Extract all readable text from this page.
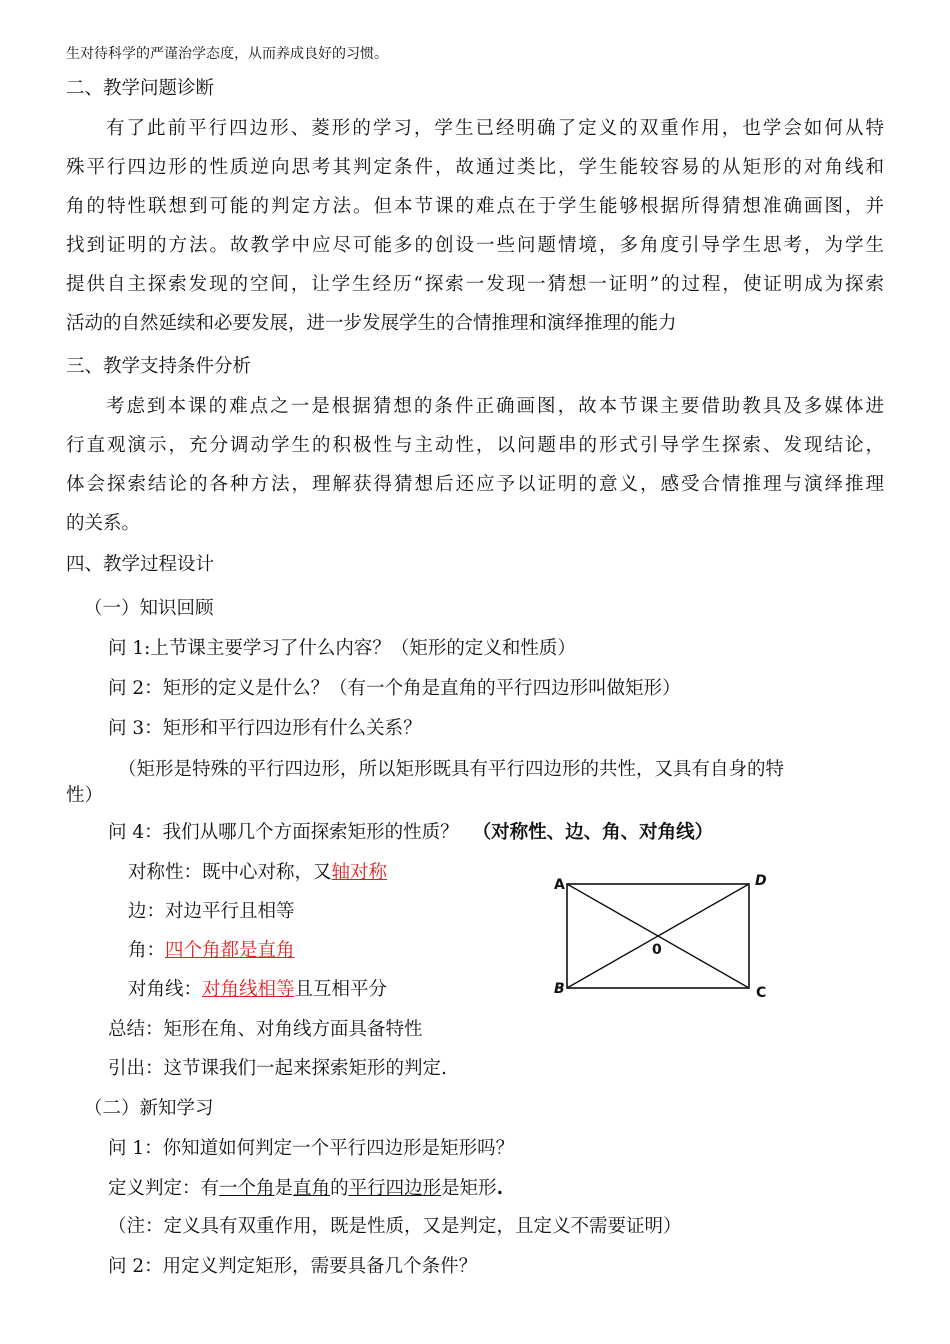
生对待科学的严谨治学态度，从而养成良好的习惯。
二、教学问题诊断
有了此前平行四边形、菱形的学习，学生已经明确了定义的双重作用，也学会如何从特
殊平行四边形的性质逆向思考其判定条件，故通过类比，学生能较容易的从矩形的对角线和
角的特性联想到可能的判定方法。但本节课的难点在于学生能够根据所得猜想准确画图，并
找到证明的方法。故教学中应尽可能多的创设一些问题情境，多角度引导学生思考，为学生
提供自主探索发现的空间，让学生经历“探索一发现一猜想一证明”的过程，使证明成为探索
活动的自然延续和必要发展，进一步发展学生的合情推理和演绎推理的能力
三、教学支持条件分析
考虑到本课的难点之一是根据猜想的条件正确画图，故本节课主要借助教具及多媒体进
行直观演示，充分调动学生的积极性与主动性，以问题串的形式引导学生探索、发现结论，
体会探索结论的各种方法，理解获得猜想后还应予以证明的意义，感受合情推理与演绎推理
的关系。
四、教学过程设计
（一）知识回顾
问 1:上节课主要学习了什么内容？（矩形的定义和性质）
问 2：矩形的定义是什么？（有一个角是直角的平行四边形叫做矩形）
问 3：矩形和平行四边形有什么关系？
（矩形是特殊的平行四边形，所以矩形既具有平行四边形的共性，又具有自身的特
性）
问 4：我们从哪几个方面探索矩形的性质？ （对称性、边、角、对角线）
对称性：既中心对称，又轴对称
边：对边平行且相等
角：四个角都是直角
对角线：对角线相等且互相平分
A	D
B	C
0
总结：矩形在角、对角线方面具备特性
引出：这节课我们一起来探索矩形的判定.
（二）新知学习
问 1：你知道如何判定一个平行四边形是矩形吗？
定义判定：有一个角是直角的平行四边形是矩形.
（注：定义具有双重作用，既是性质，又是判定，且定义不需要证明）
问 2：用定义判定矩形，需要具备几个条件？
